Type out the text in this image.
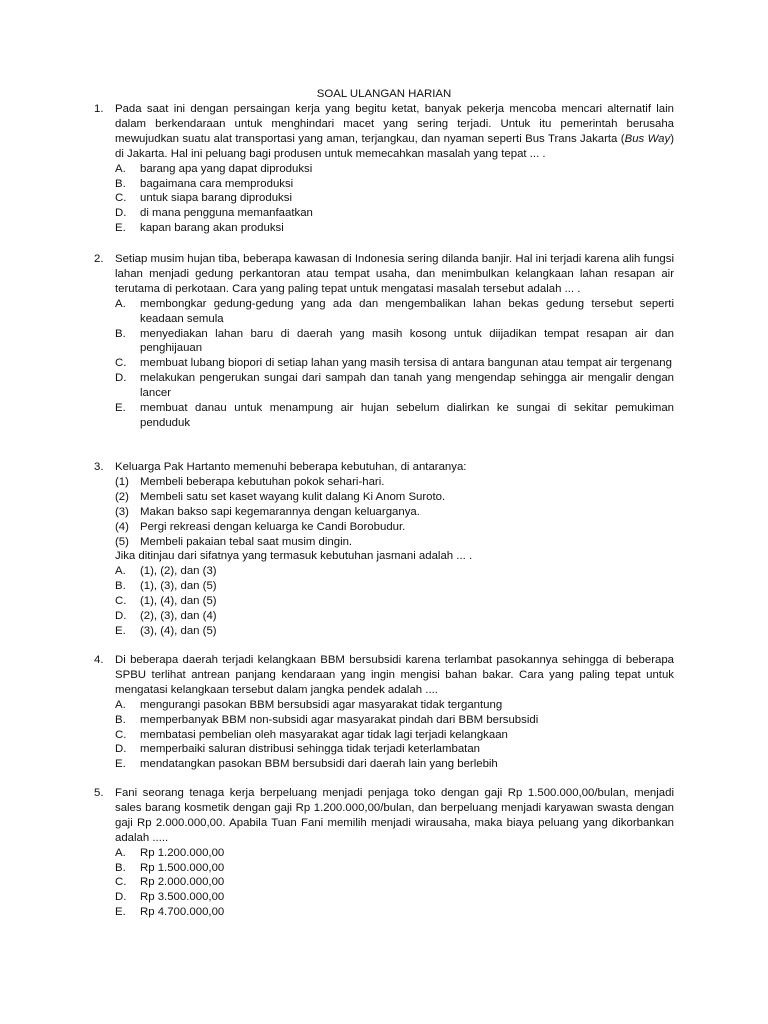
SOAL ULANGAN HARIAN
1. Pada saat ini dengan persaingan kerja yang begitu ketat, banyak pekerja mencoba mencari alternatif lain dalam berkendaraan untuk menghindari macet yang sering terjadi. Untuk itu pemerintah berusaha mewujudkan suatu alat transportasi yang aman, terjangkau, dan nyaman seperti Bus Trans Jakarta (Bus Way) di Jakarta. Hal ini peluang bagi produsen untuk memecahkan masalah yang tepat ... .

A. barang apa yang dapat diproduksi
B. bagaimana cara memproduksi
C. untuk siapa barang diproduksi
D. di mana pengguna memanfaatkan
E. kapan barang akan produksi
2. Setiap musim hujan tiba, beberapa kawasan di Indonesia sering dilanda banjir. Hal ini terjadi karena alih fungsi lahan menjadi gedung perkantoran atau tempat usaha, dan menimbulkan kelangkaan lahan resapan air terutama di perkotaan. Cara yang paling tepat untuk mengatasi masalah tersebut adalah ... .
A. membongkar gedung-gedung yang ada dan mengembalikan lahan bekas gedung tersebut seperti keadaan semula
B. menyediakan lahan baru di daerah yang masih kosong untuk diijadikan tempat resapan air dan penghijauan
C. membuat lubang biopori di setiap lahan yang masih tersisa di antara bangunan atau tempat air tergenang
D. melakukan pengerukan sungai dari sampah dan tanah yang mengendap sehingga air mengalir dengan lancer
E. membuat danau untuk menampung air hujan sebelum dialirkan ke sungai di sekitar pemukiman penduduk
3. Keluarga Pak Hartanto memenuhi beberapa kebutuhan, di antaranya:
(1) Membeli beberapa kebutuhan pokok sehari-hari.
(2) Membeli satu set kaset wayang kulit dalang Ki Anom Suroto.
(3) Makan bakso sapi kegemarannya dengan keluarganya.
(4) Pergi rekreasi dengan keluarga ke Candi Borobudur.
(5) Membeli pakaian tebal saat musim dingin.
Jika ditinjau dari sifatnya yang termasuk kebutuhan jasmani adalah ... .
A. (1), (2), dan (3)
B. (1), (3), dan (5)
C. (1), (4), dan (5)
D. (2), (3), dan (4)
E. (3), (4), dan (5)
4. Di beberapa daerah terjadi kelangkaan BBM bersubsidi karena terlambat pasokannya sehingga di beberapa SPBU terlihat antrean panjang kendaraan yang ingin mengisi bahan bakar. Cara yang paling tepat untuk mengatasi kelangkaan tersebut dalam jangka pendek adalah ....
A. mengurangi pasokan BBM bersubsidi agar masyarakat tidak tergantung
B. memperbanyak BBM non-subsidi agar masyarakat pindah dari BBM bersubsidi
C. membatasi pembelian oleh masyarakat agar tidak lagi terjadi kelangkaan
D. memperbaiki saluran distribusi sehingga tidak terjadi keterlambatan
E. mendatangkan pasokan BBM bersubsidi dari daerah lain yang berlebih
5. Fani seorang tenaga kerja berpeluang menjadi penjaga toko dengan gaji Rp 1.500.000,00/bulan, menjadi sales barang kosmetik dengan gaji Rp 1.200.000,00/bulan, dan berpeluang menjadi karyawan swasta dengan gaji Rp 2.000.000,00. Apabila Tuan Fani memilih menjadi wirausaha, maka biaya peluang yang dikorbankan adalah .....
A. Rp 1.200.000,00
B. Rp 1.500.000,00
C. Rp 2.000.000,00
D. Rp 3.500.000,00
E. Rp 4.700.000,00
